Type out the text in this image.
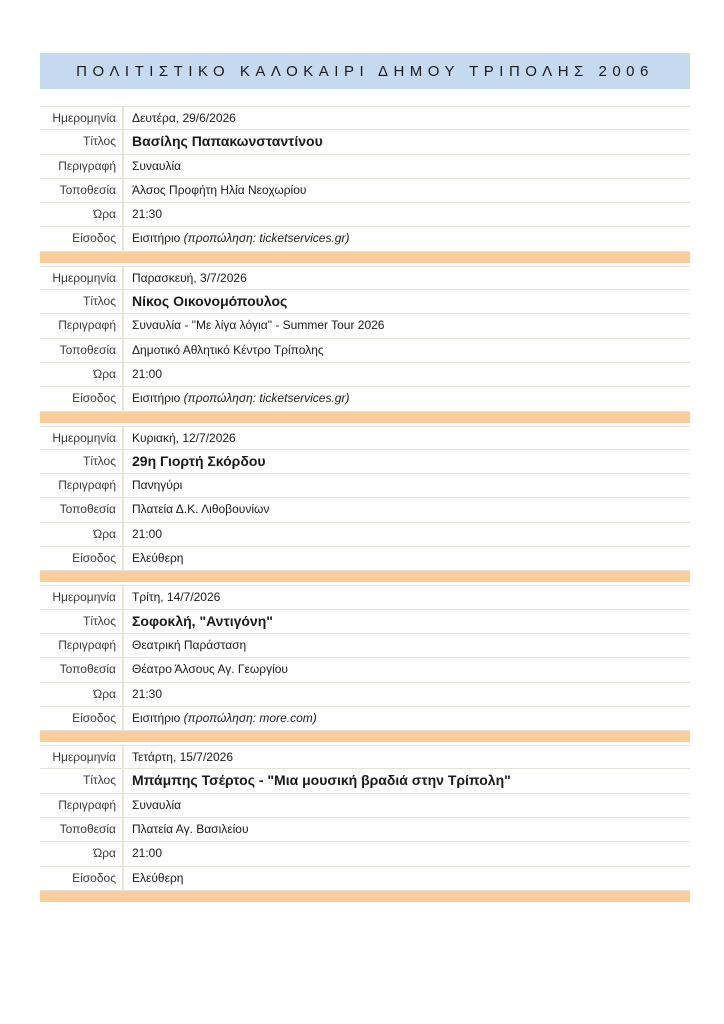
ΠΟΛΙΤΙΣΤΙΚΟ ΚΑΛΟΚΑΙΡΙ ΔΗΜΟΥ ΤΡΙΠΟΛΗΣ 2006
Ημερομηνία	Δευτέρα, 29/6/2026
Τίτλος	Βασίλης Παπακωνσταντίνου
Περιγραφή	Συναυλία
Τοποθεσία	Άλσος Προφήτη Ηλία Νεοχωρίου
Ώρα	21:30
Είσοδος	Εισιτήριο (προπώληση: ticketservices.gr)
Ημερομηνία	Παρασκευή, 3/7/2026
Τίτλος	Νίκος Οικονομόπουλος
Περιγραφή	Συναυλία - "Με λίγα λόγια" - Summer Tour 2026
Τοποθεσία	Δημοτικό Αθλητικό Κέντρο Τρίπολης
Ώρα	21:00
Είσοδος	Εισιτήριο (προπώληση: ticketservices.gr)
Ημερομηνία	Κυριακή, 12/7/2026
Τίτλος	29η Γιορτή Σκόρδου
Περιγραφή	Πανηγύρι
Τοποθεσία	Πλατεία Δ.Κ. Λιθοβουνίων
Ώρα	21:00
Είσοδος	Ελεύθερη
Ημερομηνία	Τρίτη, 14/7/2026
Τίτλος	Σοφοκλή, "Αντιγόνη"
Περιγραφή	Θεατρική Παράσταση
Τοποθεσία	Θέατρο Άλσους Αγ. Γεωργίου
Ώρα	21:30
Είσοδος	Εισιτήριο (προπώληση: more.com)
Ημερομηνία	Τετάρτη, 15/7/2026
Τίτλος	Μπάμπης Τσέρτος - "Μια μουσική βραδιά στην Τρίπολη"
Περιγραφή	Συναυλία
Τοποθεσία	Πλατεία Αγ. Βασιλείου
Ώρα	21:00
Είσοδος	Ελεύθερη
